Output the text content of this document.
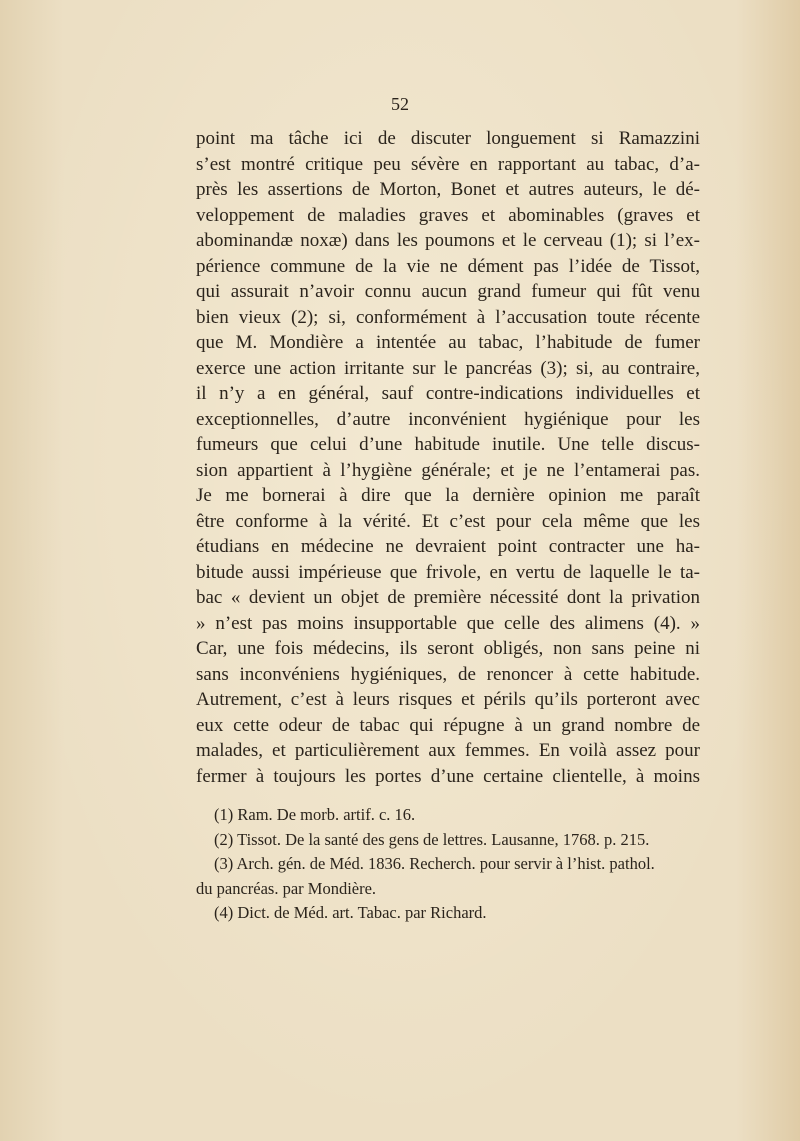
52
point ma tâche ici de discuter longuement si Ramazzini
s’est montré critique peu sévère en rapportant au tabac, d’a-
près les assertions de Morton, Bonet et autres auteurs, le dé-
veloppement de maladies graves et abominables (graves et
abominandæ noxæ) dans les poumons et le cerveau (1); si l’ex-
périence commune de la vie ne dément pas l’idée de Tissot,
qui assurait n’avoir connu aucun grand fumeur qui fût venu
bien vieux (2); si, conformément à l’accusation toute récente
que M. Mondière a intentée au tabac, l’habitude de fumer
exerce une action irritante sur le pancréas (3); si, au contraire,
il n’y a en général, sauf contre-indications individuelles et
exceptionnelles, d’autre inconvénient hygiénique pour les
fumeurs que celui d’une habitude inutile. Une telle discus-
sion appartient à l’hygiène générale; et je ne l’entamerai pas.
Je me bornerai à dire que la dernière opinion me paraît
être conforme à la vérité. Et c’est pour cela même que les
étudians en médecine ne devraient point contracter une ha-
bitude aussi impérieuse que frivole, en vertu de laquelle le ta-
bac « devient un objet de première nécessité dont la privation
» n’est pas moins insupportable que celle des alimens (4). »
Car, une fois médecins, ils seront obligés, non sans peine ni
sans inconvéniens hygiéniques, de renoncer à cette habitude.
Autrement, c’est à leurs risques et périls qu’ils porteront avec
eux cette odeur de tabac qui répugne à un grand nombre de
malades, et particulièrement aux femmes. En voilà assez pour
fermer à toujours les portes d’une certaine clientelle, à moins
(1) Ram. De morb. artif. c. 16.
(2) Tissot. De la santé des gens de lettres. Lausanne, 1768. p. 215.
(3) Arch. gén. de Méd. 1836. Recherch. pour servir à l’hist. pathol.
du pancréas. par Mondière.
(4) Dict. de Méd. art. Tabac. par Richard.
